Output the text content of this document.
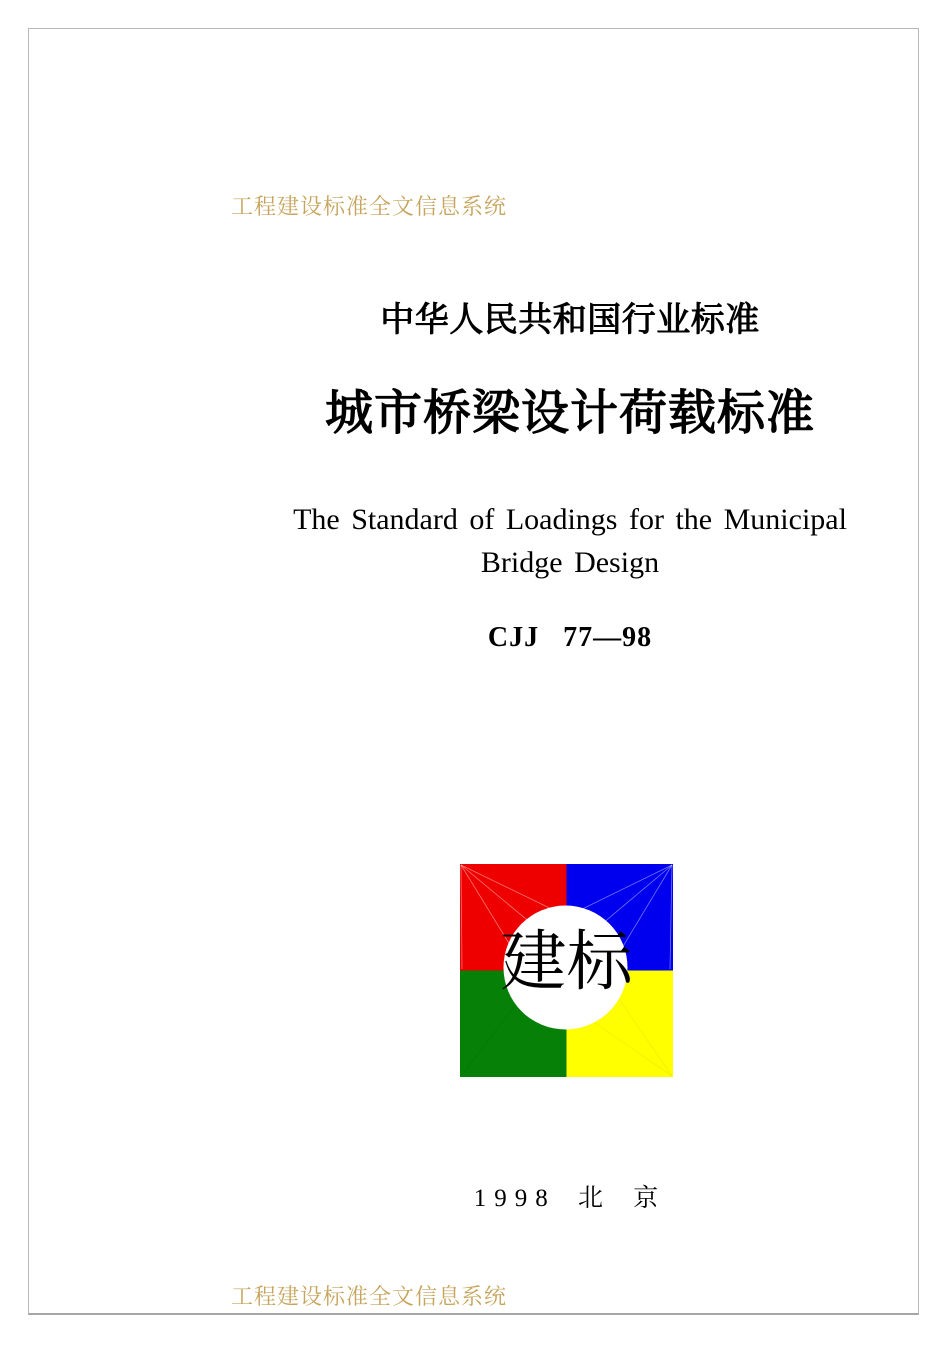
工程建设标准全文信息系统
中华人民共和国行业标准
城市桥梁设计荷载标准
The Standard of Loadings for the Municipal
Bridge Design
CJJ 77—98
1998 北 京
建标
工程建设标准全文信息系统
